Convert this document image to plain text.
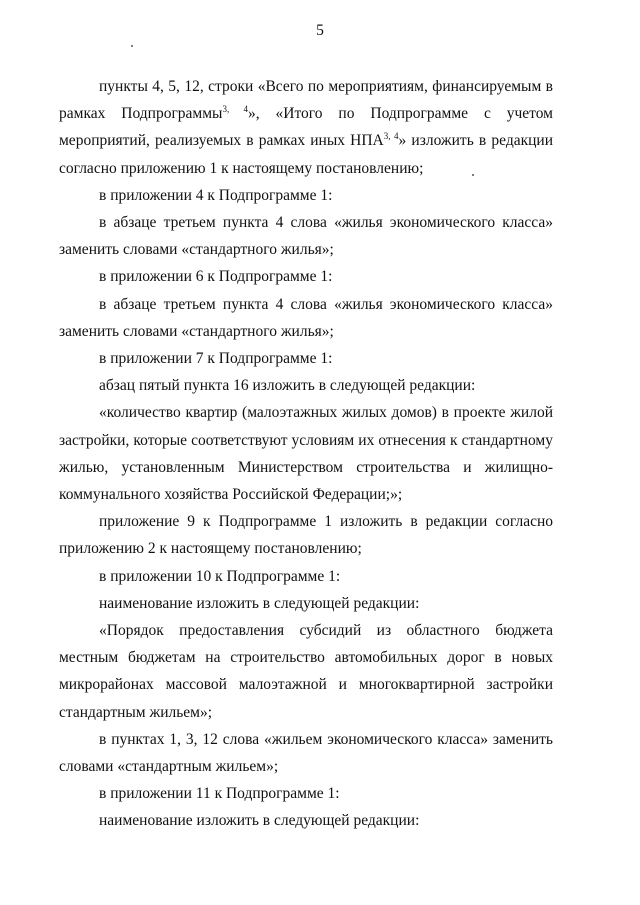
5

пункты 4, 5, 12, строки «Всего по мероприятиям, финансируемым в рамках Подпрограммы$^{3, 4}$», «Итого по Подпрограмме с учетом мероприятий, реализуемых в рамках иных НПА$^{3, 4}$» изложить в редакции согласно приложению 1 к настоящему постановлению;

в приложении 4 к Подпрограмме 1:

в абзаце третьем пункта 4 слова «жилья экономического класса» заменить словами «стандартного жилья»;

в приложении 6 к Подпрограмме 1:

в абзаце третьем пункта 4 слова «жилья экономического класса» заменить словами «стандартного жилья»;

в приложении 7 к Подпрограмме 1:

абзац пятый пункта 16 изложить в следующей редакции:

«количество квартир (малоэтажных жилых домов) в проекте жилой застройки, которые соответствуют условиям их отнесения к стандартному жилью, установленным Министерством строительства и жилищно-коммунального хозяйства Российской Федерации;»;

приложение 9 к Подпрограмме 1 изложить в редакции согласно приложению 2 к настоящему постановлению;

в приложении 10 к Подпрограмме 1:

наименование изложить в следующей редакции:

«Порядок предоставления субсидий из областного бюджета местным бюджетам на строительство автомобильных дорог в новых микрорайонах массовой малоэтажной и многоквартирной застройки стандартным жильем»;

в пунктах 1, 3, 12 слова «жильем экономического класса» заменить словами «стандартным жильем»;

в приложении 11 к Подпрограмме 1:

наименование изложить в следующей редакции:
